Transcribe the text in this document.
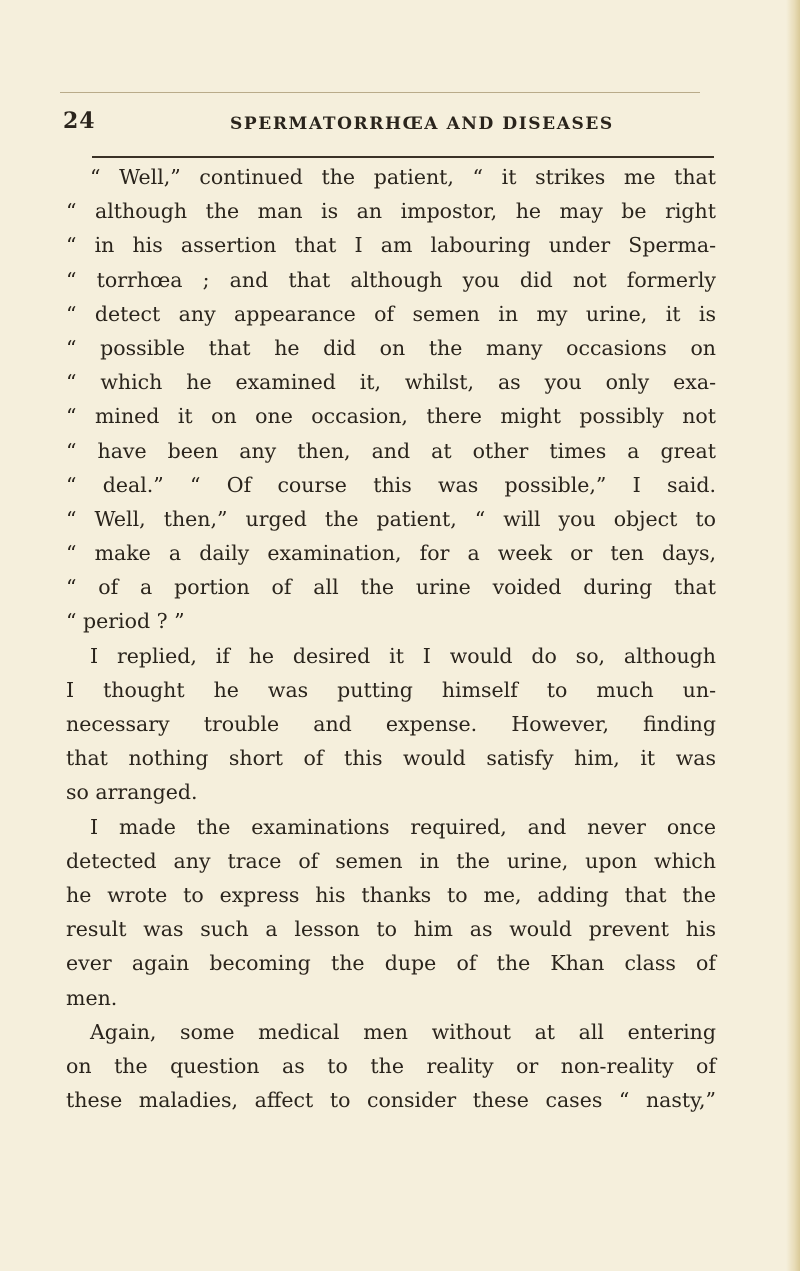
24	SPERMATORRHŒA AND DISEASES
“ Well,” continued the patient, “ it strikes me that
“ although the man is an impostor, he may be right
“ in his assertion that I am labouring under Sperma-
“ torrhœa ; and that although you did not formerly
“ detect any appearance of semen in my urine, it is
“ possible that he did on the many occasions on
“ which he examined it, whilst, as you only exa-
“ mined it on one occasion, there might possibly not
“ have been any then, and at other times a great
“ deal.” “ Of course this was possible,” I said.
“ Well, then,” urged the patient, “ will you object to
“ make a daily examination, for a week or ten days,
“ of a portion of all the urine voided during that
“ period ? ”
I replied, if he desired it I would do so, although
I thought he was putting himself to much un-
necessary trouble and expense. However, finding
that nothing short of this would satisfy him, it was
so arranged.
I made the examinations required, and never once
detected any trace of semen in the urine, upon which
he wrote to express his thanks to me, adding that the
result was such a lesson to him as would prevent his
ever again becoming the dupe of the Khan class of
men.
Again, some medical men without at all entering
on the question as to the reality or non-reality of
these maladies, affect to consider these cases “ nasty,”
